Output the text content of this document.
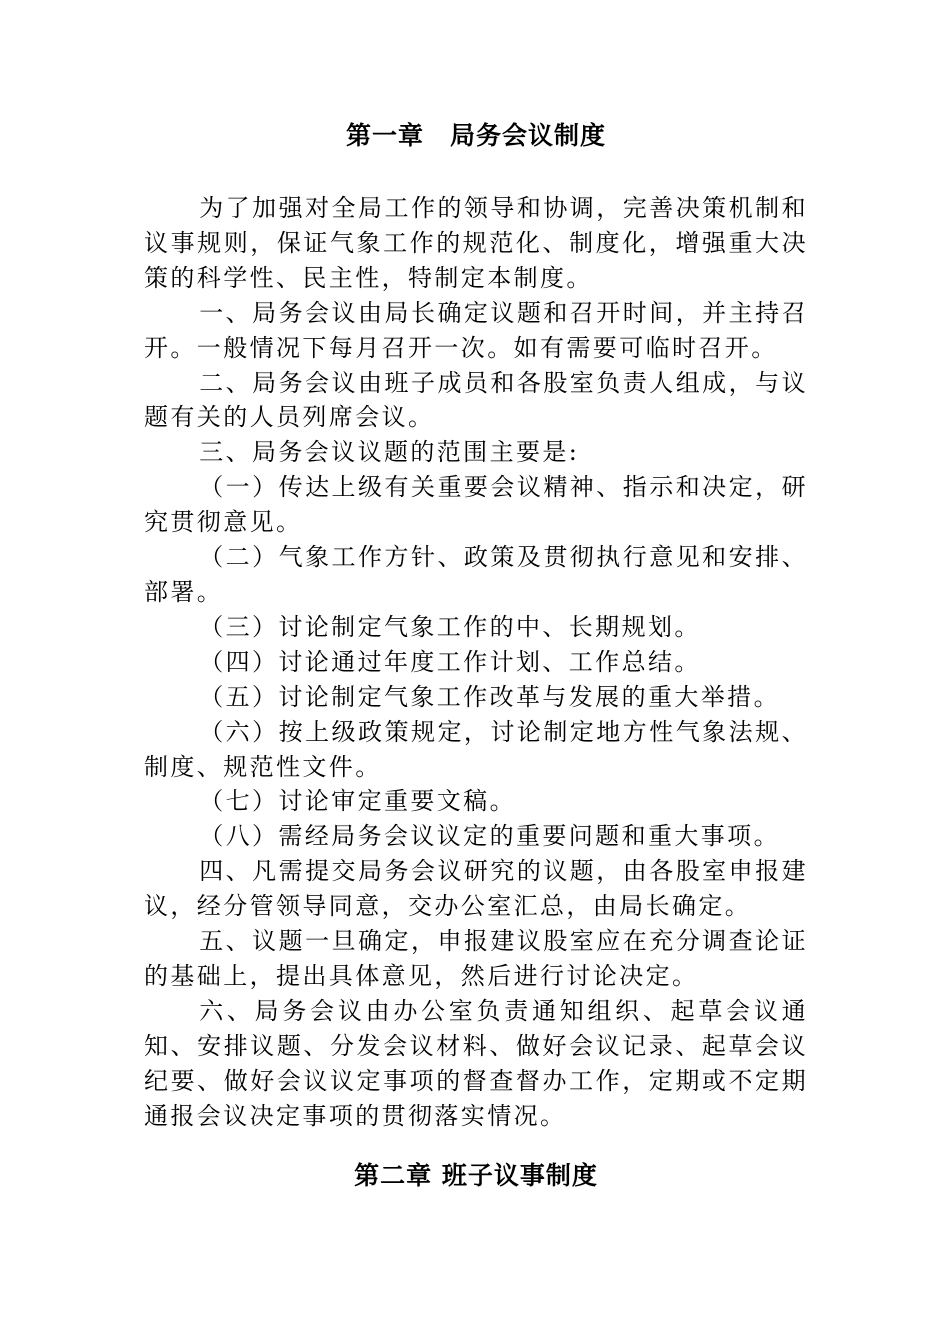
第一章　局务会议制度

为了加强对全局工作的领导和协调，完善决策机制和议事规则，保证气象工作的规范化、制度化，增强重大决策的科学性、民主性，特制定本制度。

一、局务会议由局长确定议题和召开时间，并主持召开。一般情况下每月召开一次。如有需要可临时召开。

二、局务会议由班子成员和各股室负责人组成，与议题有关的人员列席会议。

三、局务会议议题的范围主要是:

（一）传达上级有关重要会议精神、指示和决定，研究贯彻意见。

（二）气象工作方针、政策及贯彻执行意见和安排、部署。

（三）讨论制定气象工作的中、长期规划。

（四）讨论通过年度工作计划、工作总结。

（五）讨论制定气象工作改革与发展的重大举措。

（六）按上级政策规定，讨论制定地方性气象法规、制度、规范性文件。

（七）讨论审定重要文稿。

（八）需经局务会议议定的重要问题和重大事项。

四、凡需提交局务会议研究的议题，由各股室申报建议，经分管领导同意，交办公室汇总，由局长确定。

五、议题一旦确定，申报建议股室应在充分调查论证的基础上，提出具体意见，然后进行讨论决定。

六、局务会议由办公室负责通知组织、起草会议通知、安排议题、分发会议材料、做好会议记录、起草会议纪要、做好会议议定事项的督查督办工作，定期或不定期通报会议决定事项的贯彻落实情况。

第二章 班子议事制度
